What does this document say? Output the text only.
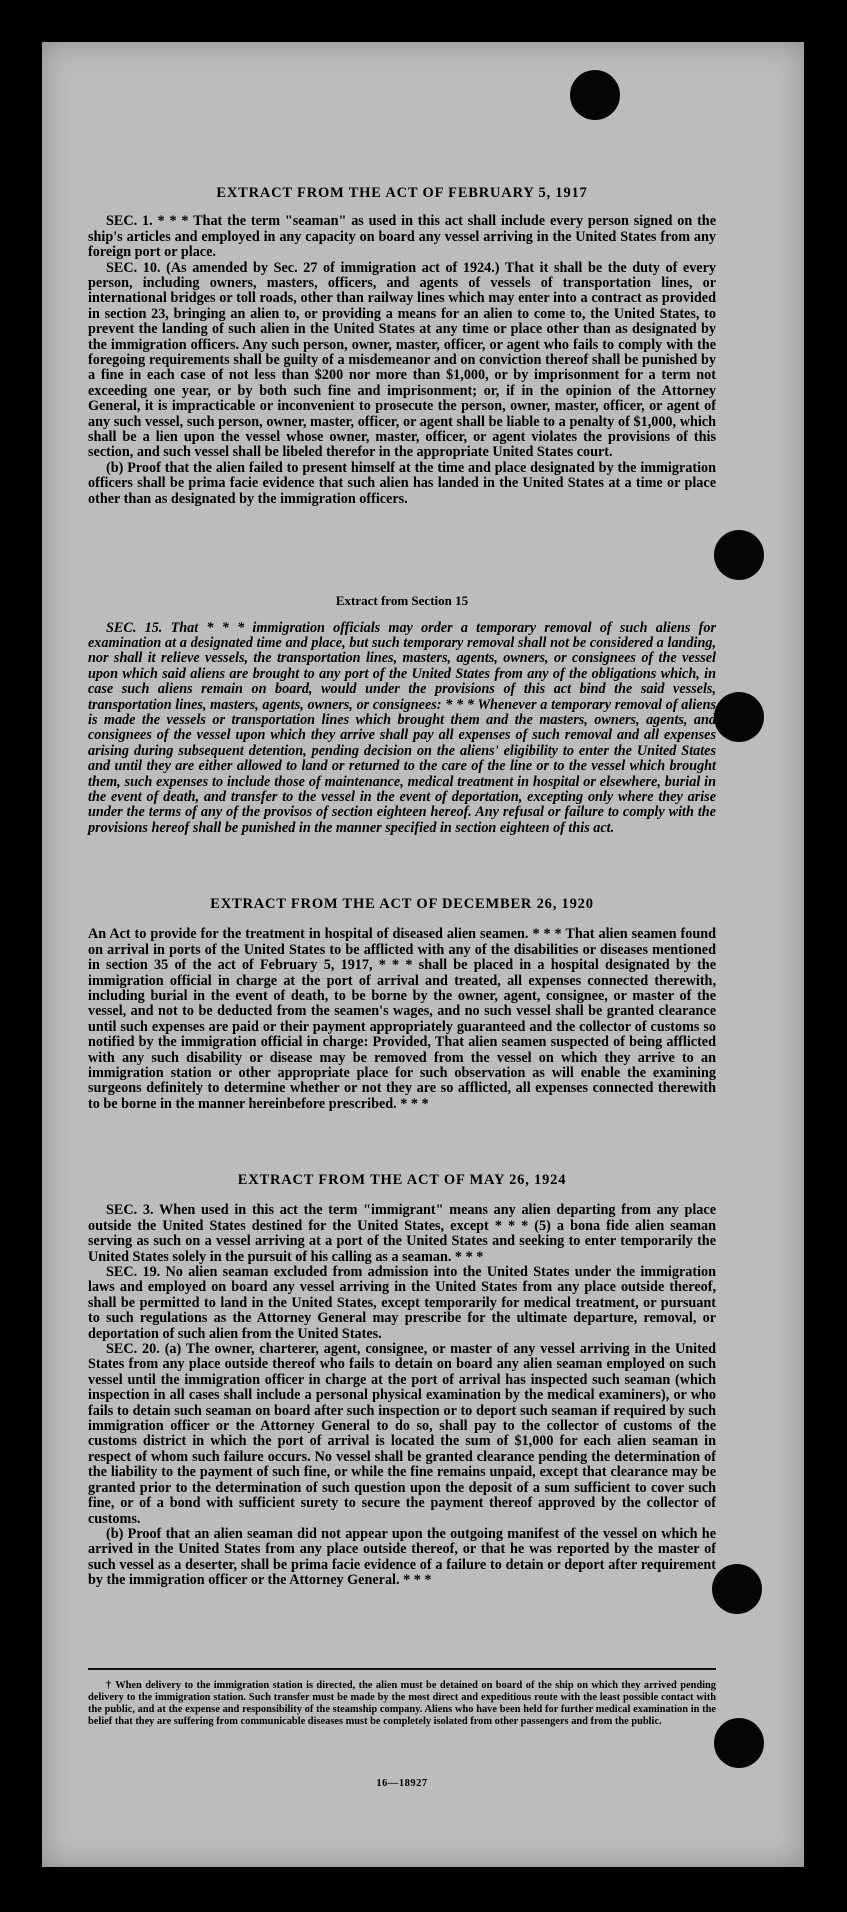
EXTRACT FROM THE ACT OF FEBRUARY 5, 1917

SEC. 1. * * * That the term "seaman" as used in this act shall include every person signed on the ship's articles and employed in any capacity on board any vessel arriving in the United States from any foreign port or place.

SEC. 10. (As amended by Sec. 27 of immigration act of 1924.) That it shall be the duty of every person, including owners, masters, officers, and agents of vessels of transportation lines, or international bridges or toll roads, other than railway lines which may enter into a contract as provided in section 23, bringing an alien to, or providing a means for an alien to come to, the United States, to prevent the landing of such alien in the United States at any time or place other than as designated by the immigration officers. Any such person, owner, master, officer, or agent who fails to comply with the foregoing requirements shall be guilty of a misdemeanor and on conviction thereof shall be punished by a fine in each case of not less than $200 nor more than $1,000, or by imprisonment for a term not exceeding one year, or by both such fine and imprisonment; or, if in the opinion of the Attorney General, it is impracticable or inconvenient to prosecute the person, owner, master, officer, or agent of any such vessel, such person, owner, master, officer, or agent shall be liable to a penalty of $1,000, which shall be a lien upon the vessel whose owner, master, officer, or agent violates the provisions of this section, and such vessel shall be libeled therefor in the appropriate United States court.

(b) Proof that the alien failed to present himself at the time and place designated by the immigration officers shall be prima facie evidence that such alien has landed in the United States at a time or place other than as designated by the immigration officers.

Extract from Section 15

SEC. 15. That * * * immigration officials may order a temporary removal of such aliens for examination at a designated time and place, but such temporary removal shall not be considered a landing, nor shall it relieve vessels, the transportation lines, masters, agents, owners, or consignees of the vessel upon which said aliens are brought to any port of the United States from any of the obligations which, in case such aliens remain on board, would under the provisions of this act bind the said vessels, transportation lines, masters, agents, owners, or consignees: * * * Whenever a temporary removal of aliens is made the vessels or transportation lines which brought them and the masters, owners, agents, and consignees of the vessel upon which they arrive shall pay all expenses of such removal and all expenses arising during subsequent detention, pending decision on the aliens' eligibility to enter the United States and until they are either allowed to land or returned to the care of the line or to the vessel which brought them, such expenses to include those of maintenance, medical treatment in hospital or elsewhere, burial in the event of death, and transfer to the vessel in the event of deportation, excepting only where they arise under the terms of any of the provisos of section eighteen hereof. Any refusal or failure to comply with the provisions hereof shall be punished in the manner specified in section eighteen of this act.

EXTRACT FROM THE ACT OF DECEMBER 26, 1920

An Act to provide for the treatment in hospital of diseased alien seamen. * * * That alien seamen found on arrival in ports of the United States to be afflicted with any of the disabilities or diseases mentioned in section 35 of the act of February 5, 1917, * * * shall be placed in a hospital designated by the immigration official in charge at the port of arrival and treated, all expenses connected therewith, including burial in the event of death, to be borne by the owner, agent, consignee, or master of the vessel, and not to be deducted from the seamen's wages, and no such vessel shall be granted clearance until such expenses are paid or their payment appropriately guaranteed and the collector of customs so notified by the immigration official in charge: Provided, That alien seamen suspected of being afflicted with any such disability or disease may be removed from the vessel on which they arrive to an immigration station or other appropriate place for such observation as will enable the examining surgeons definitely to determine whether or not they are so afflicted, all expenses connected therewith to be borne in the manner hereinbefore prescribed. * * *

EXTRACT FROM THE ACT OF MAY 26, 1924

SEC. 3. When used in this act the term "immigrant" means any alien departing from any place outside the United States destined for the United States, except * * * (5) a bona fide alien seaman serving as such on a vessel arriving at a port of the United States and seeking to enter temporarily the United States solely in the pursuit of his calling as a seaman. * * *

SEC. 19. No alien seaman excluded from admission into the United States under the immigration laws and employed on board any vessel arriving in the United States from any place outside thereof, shall be permitted to land in the United States, except temporarily for medical treatment, or pursuant to such regulations as the Attorney General may prescribe for the ultimate departure, removal, or deportation of such alien from the United States.

SEC. 20. (a) The owner, charterer, agent, consignee, or master of any vessel arriving in the United States from any place outside thereof who fails to detain on board any alien seaman employed on such vessel until the immigration officer in charge at the port of arrival has inspected such seaman (which inspection in all cases shall include a personal physical examination by the medical examiners), or who fails to detain such seaman on board after such inspection or to deport such seaman if required by such immigration officer or the Attorney General to do so, shall pay to the collector of customs of the customs district in which the port of arrival is located the sum of $1,000 for each alien seaman in respect of whom such failure occurs. No vessel shall be granted clearance pending the determination of the liability to the payment of such fine, or while the fine remains unpaid, except that clearance may be granted prior to the determination of such question upon the deposit of a sum sufficient to cover such fine, or of a bond with sufficient surety to secure the payment thereof approved by the collector of customs.

(b) Proof that an alien seaman did not appear upon the outgoing manifest of the vessel on which he arrived in the United States from any place outside thereof, or that he was reported by the master of such vessel as a deserter, shall be prima facie evidence of a failure to detain or deport after requirement by the immigration officer or the Attorney General. * * *

† When delivery to the immigration station is directed, the alien must be detained on board of the ship on which they arrived pending delivery to the immigration station. Such transfer must be made by the most direct and expeditious route with the least possible contact with the public, and at the expense and responsibility of the steamship company. Aliens who have been held for further medical examination in the belief that they are suffering from communicable diseases must be completely isolated from other passengers and from the public.

16—18927
